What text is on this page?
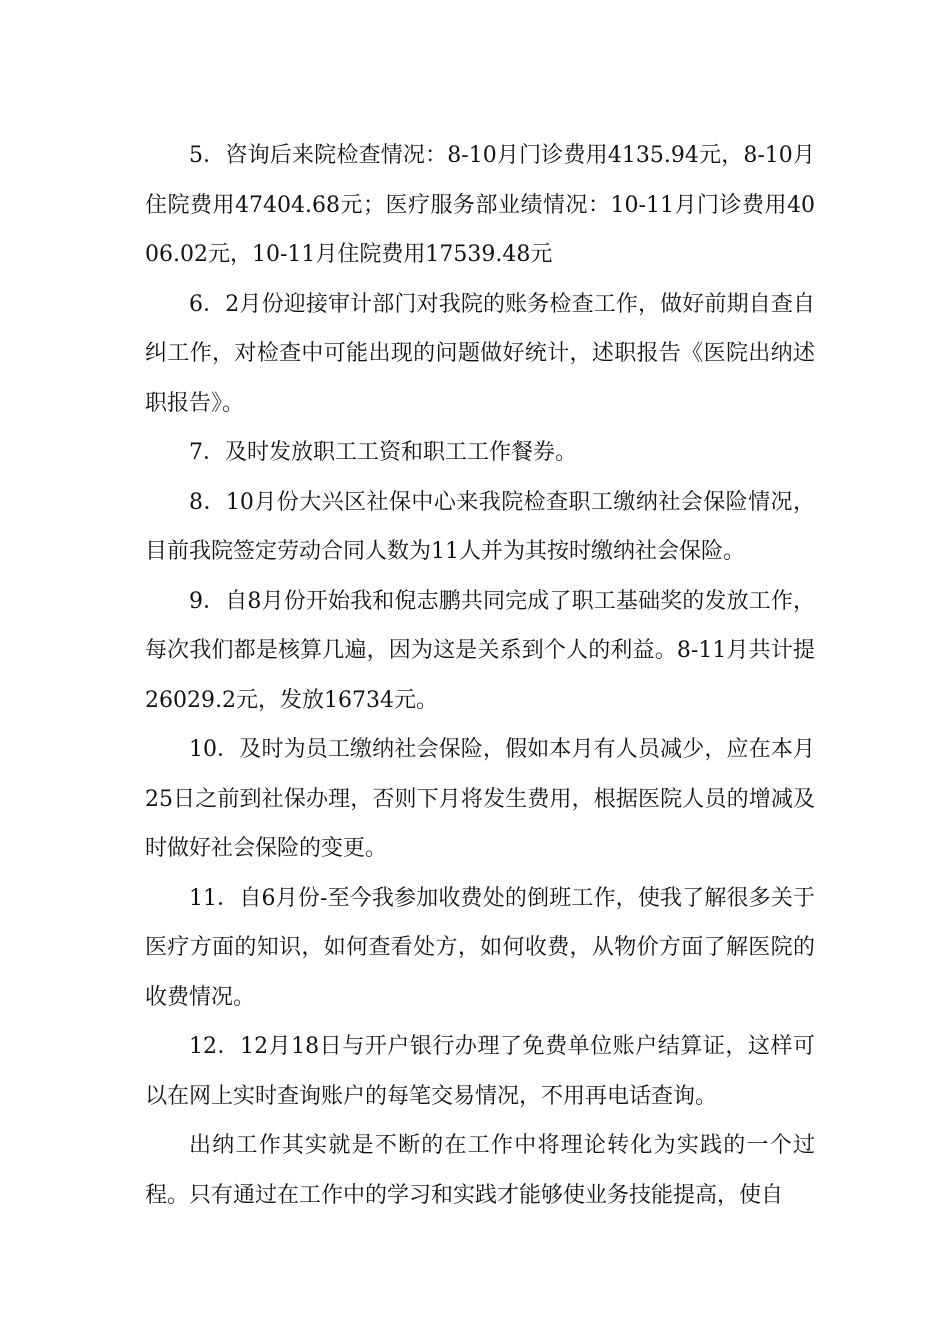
5．咨询后来院检查情况：8-10月门诊费用4135.94元，8-10月住院费用47404.68元；医疗服务部业绩情况：10-11月门诊费用4006.02元，10-11月住院费用17539.48元

6．2月份迎接审计部门对我院的账务检查工作，做好前期自查自纠工作，对检查中可能出现的问题做好统计，述职报告《医院出纳述职报告》。

7．及时发放职工工资和职工工作餐券。

8．10月份大兴区社保中心来我院检查职工缴纳社会保险情况，目前我院签定劳动合同人数为11人并为其按时缴纳社会保险。

9．自8月份开始我和倪志鹏共同完成了职工基础奖的发放工作，每次我们都是核算几遍，因为这是关系到个人的利益。8-11月共计提26029.2元，发放16734元。

10．及时为员工缴纳社会保险，假如本月有人员减少，应在本月25日之前到社保办理，否则下月将发生费用，根据医院人员的增减及时做好社会保险的变更。

11．自6月份-至今我参加收费处的倒班工作，使我了解很多关于医疗方面的知识，如何查看处方，如何收费，从物价方面了解医院的收费情况。

12．12月18日与开户银行办理了免费单位账户结算证，这样可以在网上实时查询账户的每笔交易情况，不用再电话查询。

出纳工作其实就是不断的在工作中将理论转化为实践的一个过程。只有通过在工作中的学习和实践才能够使业务技能提高，使自
